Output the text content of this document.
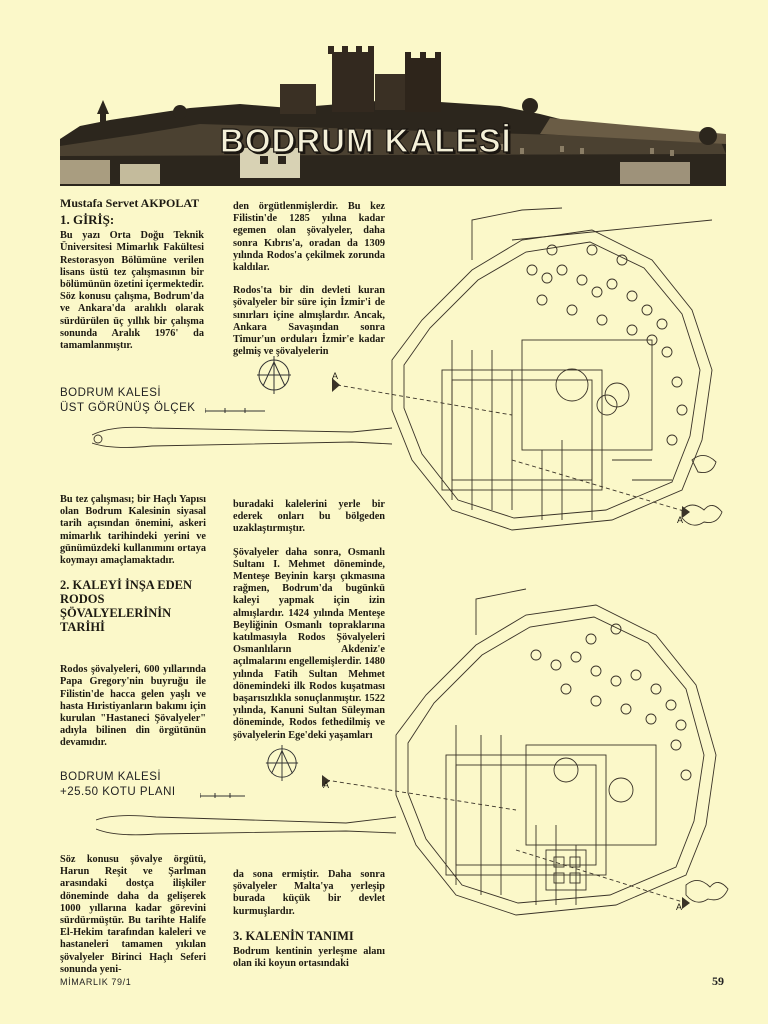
BODRUM KALESİ
Mustafa Servet AKPOLAT
1. GİRİŞ:

Bu yazı Orta Doğu Teknik Üniversitesi Mimarlık Fakültesi Restorasyon Bölümüne verilen lisans üstü tez çalışmasının bir bölümünün özetini içermektedir. Söz konusu çalışma, Bodrum'da ve Ankara'da aralıklı olarak sürdürülen üç yıllık bir çalışma sonunda Aralık 1976' da tamamlanmıştır.

den örgütlenmişlerdir. Bu kez Filistin'de 1285 yılına kadar egemen olan şövalyeler, daha sonra Kıbrıs'a, oradan da 1309 yılında Rodos'a çekilmek zorunda kaldılar.

Rodos'ta bir din devleti kuran şövalyeler bir süre için İzmir'i de sınırları içine almışlardır. Ancak, Ankara Savaşından sonra Timur'un orduları İzmir'e kadar gelmiş ve şövalyelerin

BODRUM KALESİ
ÜST GÖRÜNÜŞ ÖLÇEK
A
A

Bu tez çalışması; bir Haçlı Yapısı olan Bodrum Kalesinin siyasal tarih açısından önemini, askeri mimarlık tarihindeki yerini ve günümüzdeki kullanımını ortaya koymayı amaçlamaktadır.

2. KALEYİ İNŞA EDEN RODOS ŞÖVALYELERİNİN TARİHİ

Rodos şövalyeleri, 600 yıllarında Papa Gregory'nin buyruğu ile Filistin'de hacca gelen yaşlı ve hasta Hıristiyanların bakımı için kurulan "Hastaneci Şövalyeler" adıyla bilinen din örgütünün devamıdır.

buradaki kalelerini yerle bir ederek onları bu bölgeden uzaklaştırmıştır.

Şövalyeler daha sonra, Osmanlı Sultanı I. Mehmet döneminde, Menteşe Beyinin karşı çıkmasına rağmen, Bodrum'da bugünkü kaleyi yapmak için izin almışlardır. 1424 yılında Menteşe Beyliğinin Osmanlı topraklarına katılmasıyla Rodos Şövalyeleri Osmanlıların Akdeniz'e açılmalarını engellemişlerdir. 1480 yılında Fatih Sultan Mehmet dönemindeki ilk Rodos kuşatması başarısızlıkla sonuçlanmıştır. 1522 yılında, Kanuni Sultan Süleyman döneminde, Rodos fethedilmiş ve şövalyelerin Ege'deki yaşamları

BODRUM KALESİ
+25.50 KOTU PLANI
A
A

Söz konusu şövalye örgütü, Harun Reşit ve Şarlman arasındaki dostça ilişkiler döneminde daha da gelişerek 1000 yıllarına kadar görevini sürdürmüştür. Bu tarihte Halife El-Hekim tarafından kaleleri ve hastaneleri tamamen yıkılan şövalyeler Birinci Haçlı Seferi sonunda yeni-

da sona ermiştir. Daha sonra şövalyeler Malta'ya yerleşip burada küçük bir devlet kurmuşlardır.

3. KALENİN TANIMI

Bodrum kentinin yerleşme alanı olan iki koyun ortasındaki

MİMARLIK 79/1	59
